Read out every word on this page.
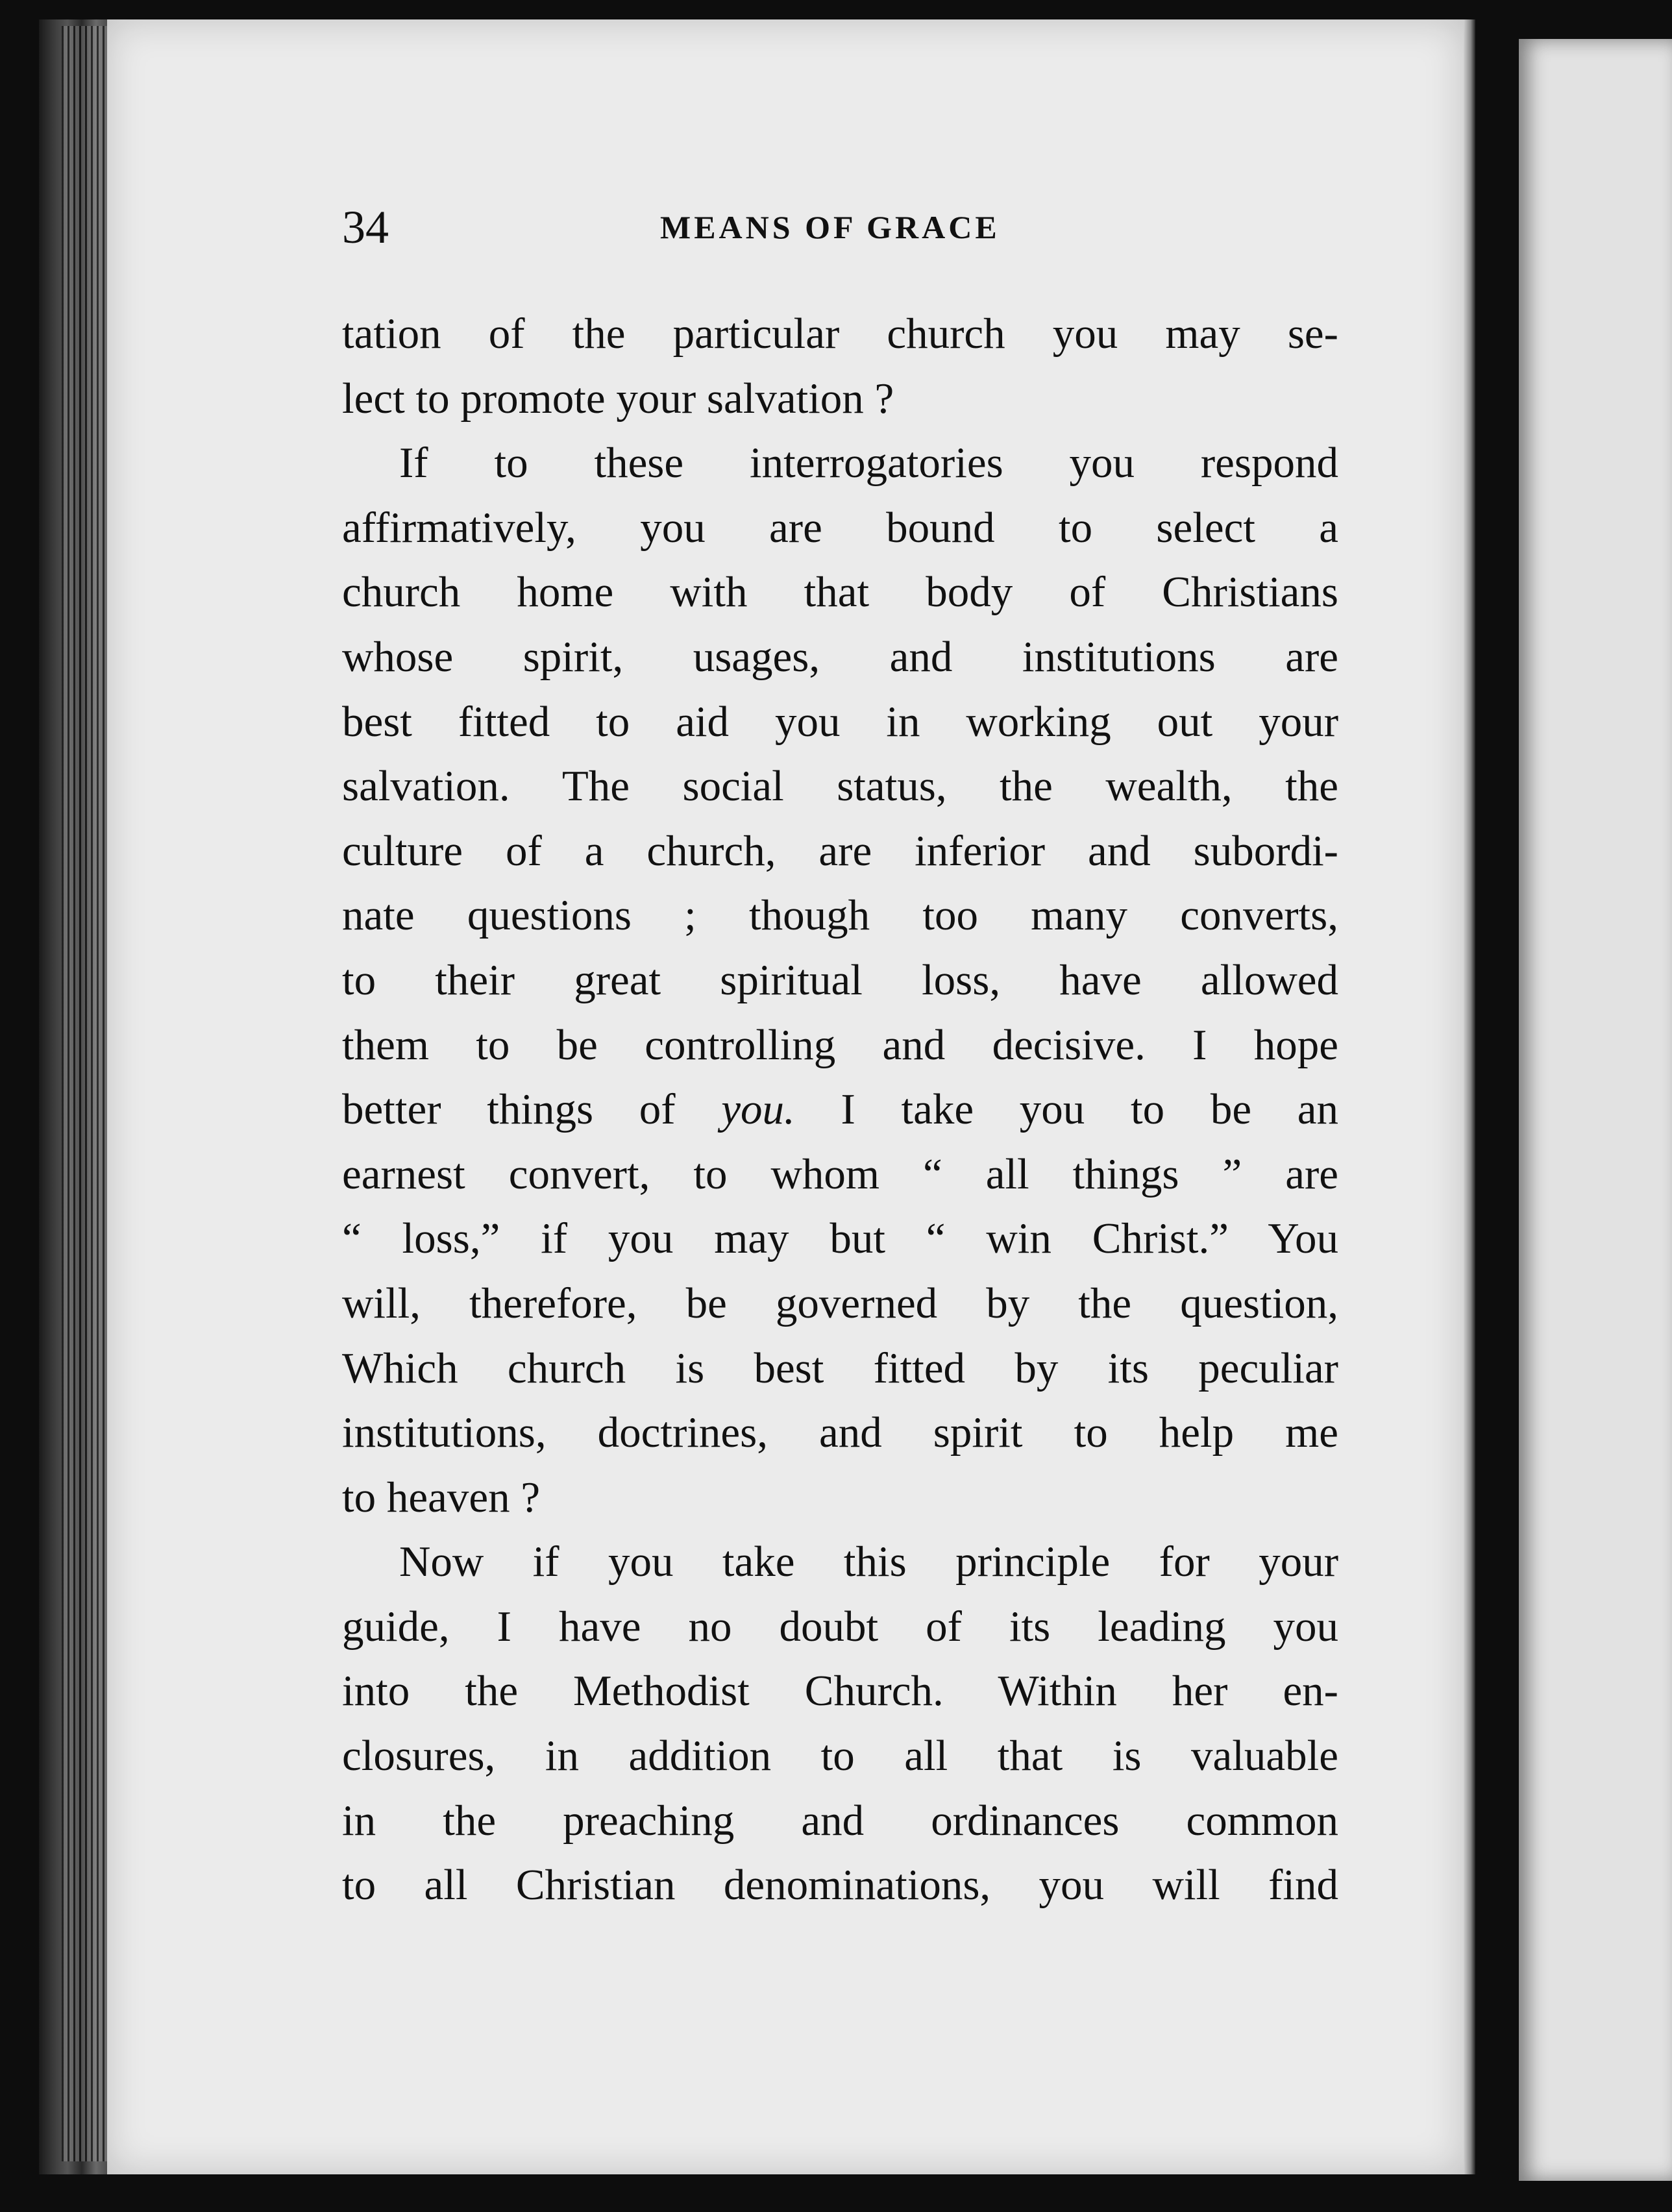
34	MEANS OF GRACE
tation of the particular church you may se-
lect to promote your salvation ?
If to these interrogatories you respond
affirmatively, you are bound to select a
church home with that body of Christians
whose spirit, usages, and institutions are
best fitted to aid you in working out your
salvation. The social status, the wealth, the
culture of a church, are inferior and subordi-
nate questions ; though too many converts,
to their great spiritual loss, have allowed
them to be controlling and decisive. I hope
better things of you. I take you to be an
earnest convert, to whom “ all things ” are
“ loss,” if you may but “ win Christ.” You
will, therefore, be governed by the question,
Which church is best fitted by its peculiar
institutions, doctrines, and spirit to help me
to heaven ?
Now if you take this principle for your
guide, I have no doubt of its leading you
into the Methodist Church. Within her en-
closures, in addition to all that is valuable
in the preaching and ordinances common
to all Christian denominations, you will find
